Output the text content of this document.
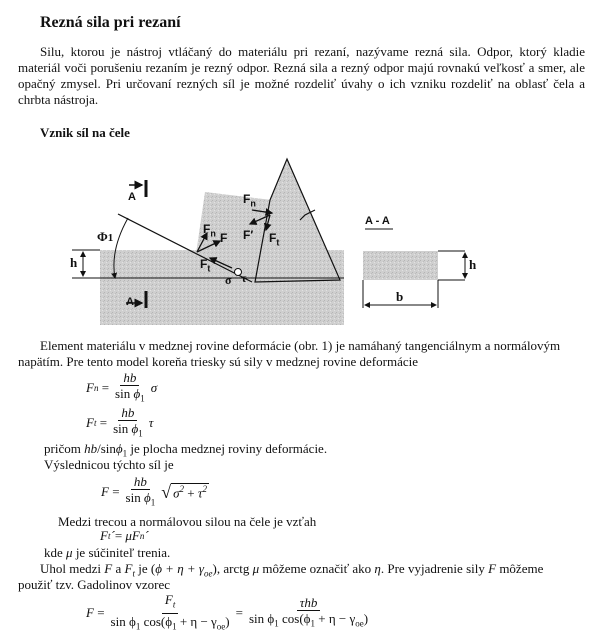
Rezná sila pri rezaní

Silu, ktorou je nástroj vtláčaný do materiálu pri rezaní, nazývame rezná sila. Odpor, ktorý kladie materiál voči porušeniu rezaním je rezný odpor. Rezná sila a rezný odpor majú rovnakú veľkosť a smer, ale opačný zmysel. Pri určovaní rezných síl je možné rozdeliť úvahy o ich vzniku rozdeliť na oblasť čela a chrbta nástroja.

Vznik síl na čele
A
A
Φ1
h
$F_n$ F
$F_t$
$F_n$
F′ $F_t$
σ τ
A - A
h
b

Element materiálu v medznej rovine deformácie (obr. 1) je namáhaný tangenciálnym a normálovým

napätím. Pre tento model koreňa triesky sú sily v medznej rovine deformácie

F $n = \frac{hb}{\sin \phi_1}$ σ
F $t = \frac{hb}{\sin \phi_1}$ τ

pričom hb/sinϕ$_1$ je plocha medznej roviny deformácie.

Výslednicou týchto síl je

$F = \frac{hb}{\sin \phi_1}$ √ $\sigma^2 + \tau^2$

Medzi trecou a normálovou silou na čele je vzťah

F t ´ = μF n ´

kde μ je súčiniteľ trenia.

Uhol medzi F a $F_t$ je $(\phi + \eta + \gamma_{oe})$, arctg μ môžeme označiť ako η. Pre vyjadrenie sily F môžeme

použiť tzv. Gadolinov vzorec

$F = \frac{F_t}{\sin \phi_1 \cos(\phi_1 + \eta - \gamma_{oe})} = \frac{\text{τhb}}{\sin \phi_1 \cos(\phi_1 + \eta - \gamma_{oe})}$
